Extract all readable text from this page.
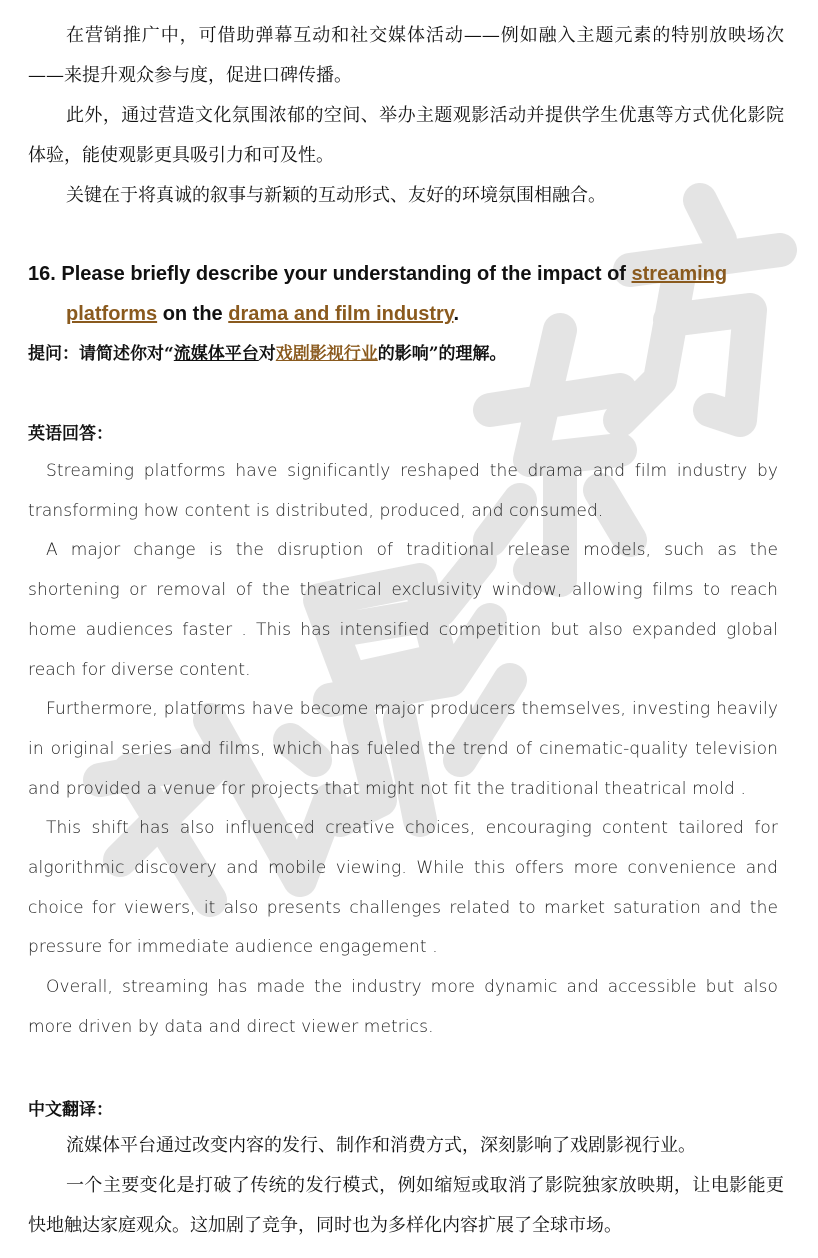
在营销推广中，可借助弹幕互动和社交媒体活动——例如融入主题元素的特别放映场次——来提升观众参与度，促进口碑传播。

此外，通过营造文化氛围浓郁的空间、举办主题观影活动并提供学生优惠等方式优化影院体验，能使观影更具吸引力和可及性。

关键在于将真诚的叙事与新颖的互动形式、友好的环境氛围相融合。

16. Please briefly describe your understanding of the impact of streaming
platforms on the drama and film industry.

提问：请简述你对“流媒体平台对戏剧影视行业的影响”的理解。

英语回答：

Streaming platforms have significantly reshaped the drama and film industry by transforming how content is distributed, produced, and consumed.

A major change is the disruption of traditional release models, such as the shortening or removal of the theatrical exclusivity window, allowing films to reach home audiences faster . This has intensified competition but also expanded global reach for diverse content.

Furthermore, platforms have become major producers themselves, investing heavily in original series and films, which has fueled the trend of cinematic-quality television and provided a venue for projects that might not fit the traditional theatrical mold .

This shift has also influenced creative choices, encouraging content tailored for algorithmic discovery and mobile viewing. While this offers more convenience and choice for viewers, it also presents challenges related to market saturation and the pressure for immediate audience engagement .

Overall, streaming has made the industry more dynamic and accessible but also more driven by data and direct viewer metrics.

中文翻译：

流媒体平台通过改变内容的发行、制作和消费方式，深刻影响了戏剧影视行业。

一个主要变化是打破了传统的发行模式，例如缩短或取消了影院独家放映期，让电影能更快地触达家庭观众。这加剧了竞争，同时也为多样化内容扩展了全球市场。
